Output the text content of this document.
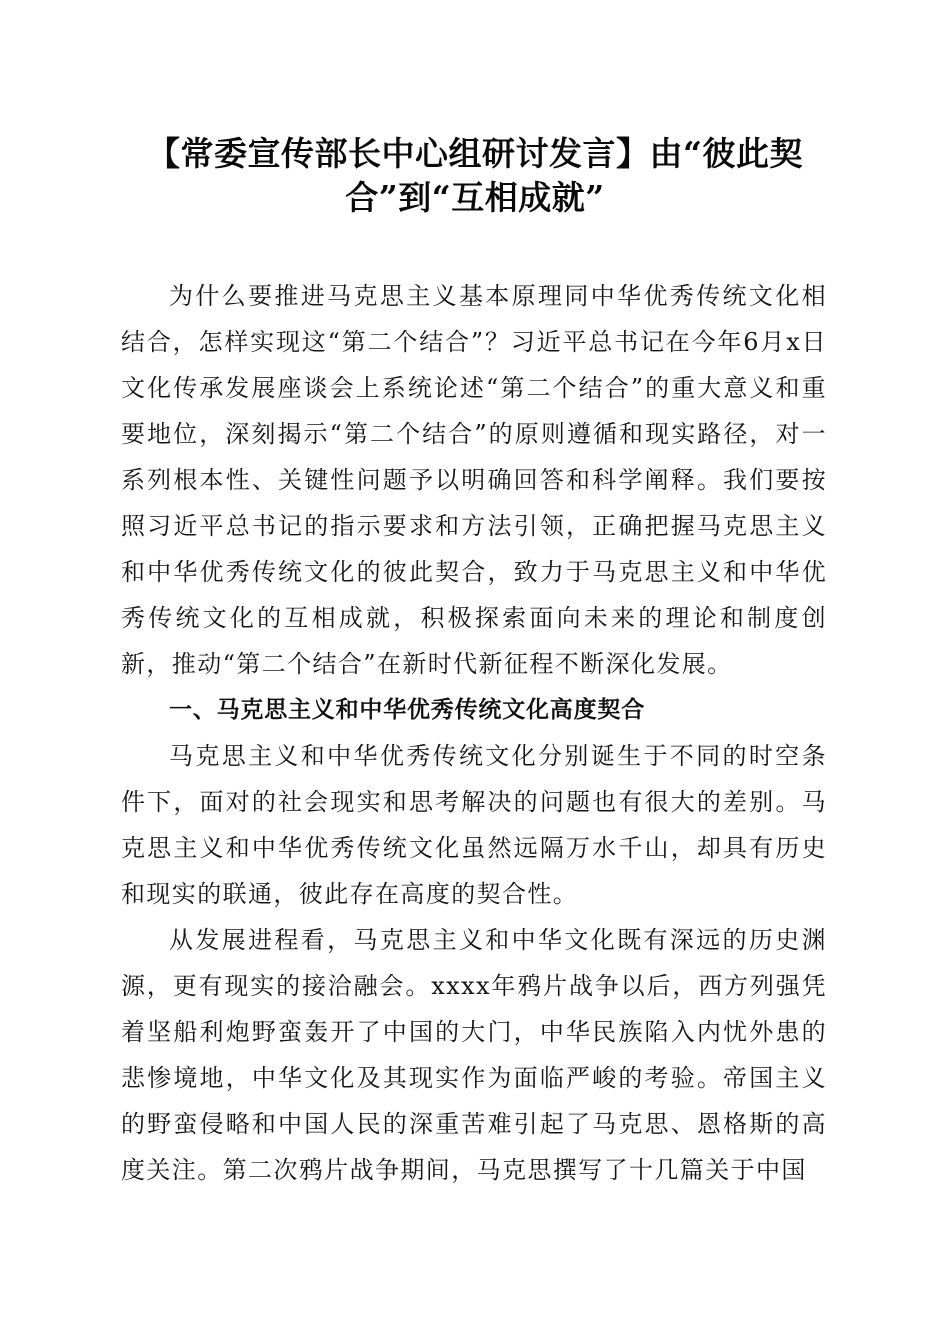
【常委宣传部长中心组研讨发言】由“彼此契合”到“互相成就”

为什么要推进马克思主义基本原理同中华优秀传统文化相结合，怎样实现这“第二个结合”？习近平总书记在今年6月x日文化传承发展座谈会上系统论述“第二个结合”的重大意义和重要地位，深刻揭示“第二个结合”的原则遵循和现实路径，对一系列根本性、关键性问题予以明确回答和科学阐释。我们要按照习近平总书记的指示要求和方法引领，正确把握马克思主义和中华优秀传统文化的彼此契合，致力于马克思主义和中华优秀传统文化的互相成就，积极探索面向未来的理论和制度创新，推动“第二个结合”在新时代新征程不断深化发展。

一、马克思主义和中华优秀传统文化高度契合

马克思主义和中华优秀传统文化分别诞生于不同的时空条件下，面对的社会现实和思考解决的问题也有很大的差别。马克思主义和中华优秀传统文化虽然远隔万水千山，却具有历史和现实的联通，彼此存在高度的契合性。

从发展进程看，马克思主义和中华文化既有深远的历史渊源，更有现实的接洽融会。xxxx年鸦片战争以后，西方列强凭着坚船利炮野蛮轰开了中国的大门，中华民族陷入内忧外患的悲惨境地，中华文化及其现实作为面临严峻的考验。帝国主义的野蛮侵略和中国人民的深重苦难引起了马克思、恩格斯的高度关注。第二次鸦片战争期间，马克思撰写了十几篇关于中国
